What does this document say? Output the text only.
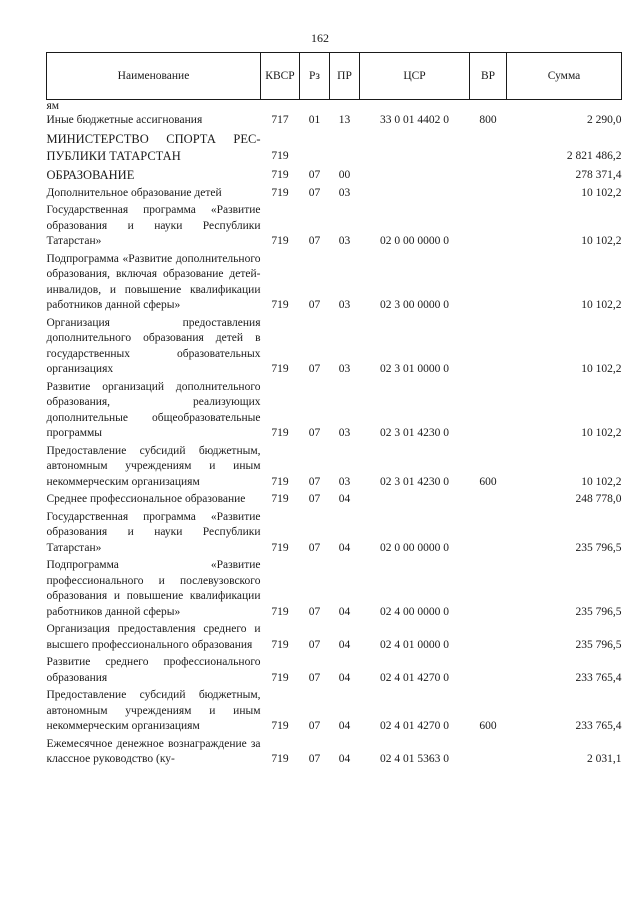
162
Наименование	КВСР	Рз	ПР	ЦСР	ВР	Сумма
ям						
Иные бюджетные ассигнования	717	01	13	33 0 01 4402 0	800	2 290,0
МИНИСТЕРСТВО СПОРТА РЕС-ПУБЛИКИ ТАТАРСТАН	719					2 821 486,2
ОБРАЗОВАНИЕ	719	07	00			278 371,4
Дополнительное образование детей	719	07	03			10 102,2
Государственная программа «Развитие образования и науки Республики Татарстан»	719	07	03	02 0 00 0000 0		10 102,2
Подпрограмма «Развитие дополнительного образования, включая образование детей-инвалидов, и повышение квалификации работников данной сферы»	719	07	03	02 3 00 0000 0		10 102,2
Организация предоставления дополнительного образования детей в государственных образовательных организациях	719	07	03	02 3 01 0000 0		10 102,2
Развитие организаций дополнительного образования, реализующих дополнительные общеобразовательные программы	719	07	03	02 3 01 4230 0		10 102,2
Предоставление субсидий бюджетным, автономным учреждениям и иным некоммерческим организациям	719	07	03	02 3 01 4230 0	600	10 102,2
Среднее профессиональное образование	719	07	04			248 778,0
Государственная программа «Развитие образования и науки Республики Татарстан»	719	07	04	02 0 00 0000 0		235 796,5
Подпрограмма «Развитие профессионального и послевузовского образования и повышение квалификации работников данной сферы»	719	07	04	02 4 00 0000 0		235 796,5
Организация предоставления среднего и высшего профессионального образования	719	07	04	02 4 01 0000 0		235 796,5
Развитие среднего профессионального образования	719	07	04	02 4 01 4270 0		233 765,4
Предоставление субсидий бюджетным, автономным учреждениям и иным некоммерческим организациям	719	07	04	02 4 01 4270 0	600	233 765,4
Ежемесячное денежное вознаграждение за классное руководство (ку-	719	07	04	02 4 01 5363 0		2 031,1
